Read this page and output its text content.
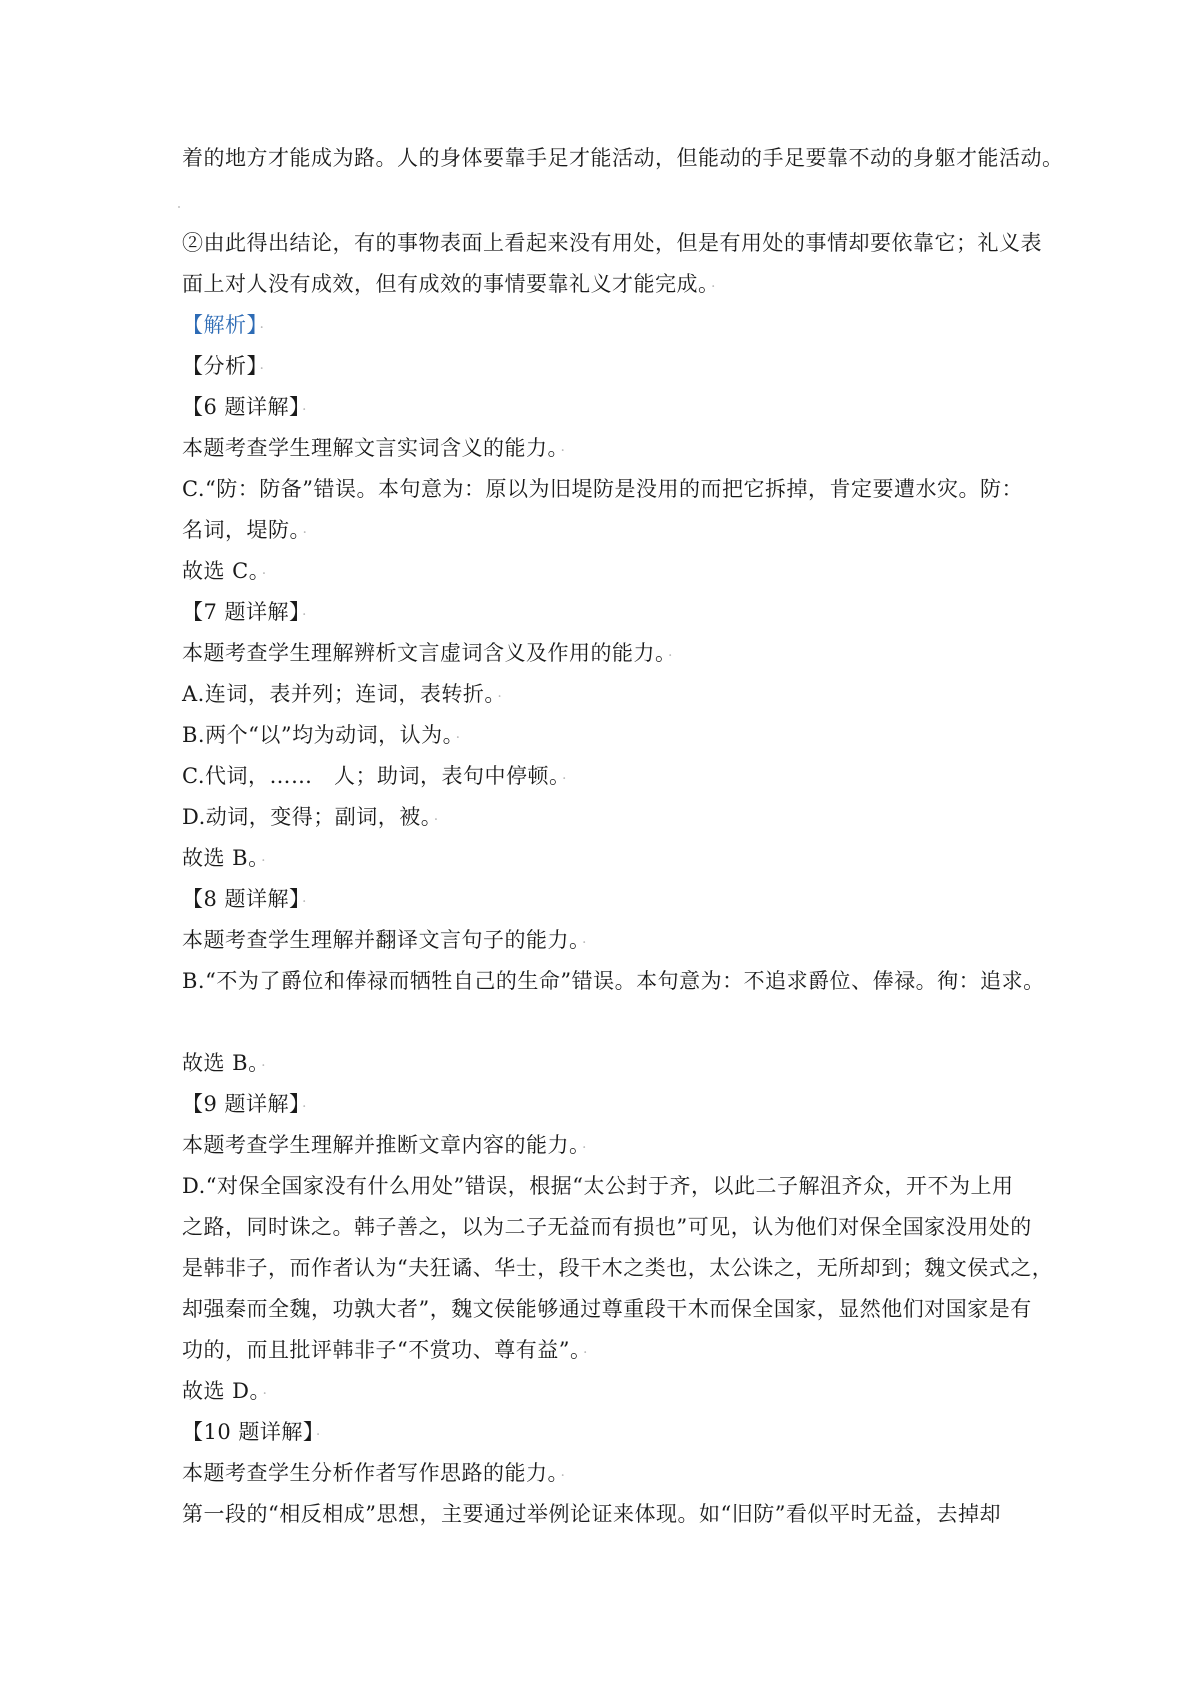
着的地方才能成为路。人的身体要靠手足才能活动，但能动的手足要靠不动的身躯才能活动。
②由此得出结论，有的事物表面上看起来没有用处，但是有用处的事情却要依靠它；礼义表
面上对人没有成效，但有成效的事情要靠礼义才能完成。 ·
【解析】 ·
【分析】 ·
【6 题详解】 ·
本题考查学生理解文言实词含义的能力。 ·
C.“防：防备”错误。本句意为：原以为旧堤防是没用的而把它拆掉，肯定要遭水灾。防：
名词，堤防。 ·
故选 C。 ·
【7 题详解】 ·
本题考查学生理解辨析文言虚词含义及作用的能力。 ·
A.连词，表并列；连词，表转折。 ·
B.两个“以”均为动词，认为。 ·
C.代词，……　人；助词，表句中停顿。 ·
D.动词，变得；副词，被。 ·
故选 B。 ·
【8 题详解】 ·
本题考查学生理解并翻译文言句子的能力。 ·
B.“不为了爵位和俸禄而牺牲自己的生命”错误。本句意为：不追求爵位、俸禄。徇：追求。
故选 B。 ·
【9 题详解】 ·
本题考查学生理解并推断文章内容的能力。 ·
D.“对保全国家没有什么用处”错误，根据“太公封于齐，以此二子解沮齐众，开不为上用
之路，同时诛之。韩子善之，以为二子无益而有损也”可见，认为他们对保全国家没用处的
是韩非子，而作者认为“夫狂谲、华士，段干木之类也，太公诛之，无所却到；魏文侯式之，
却强秦而全魏，功孰大者”，魏文侯能够通过尊重段干木而保全国家，显然他们对国家是有
功的，而且批评韩非子“不赏功、尊有益”。 ·
故选 D。 ·
【10 题详解】 ·
本题考查学生分析作者写作思路的能力。 ·
第一段的“相反相成”思想，主要通过举例论证来体现。如“旧防”看似平时无益，去掉却
